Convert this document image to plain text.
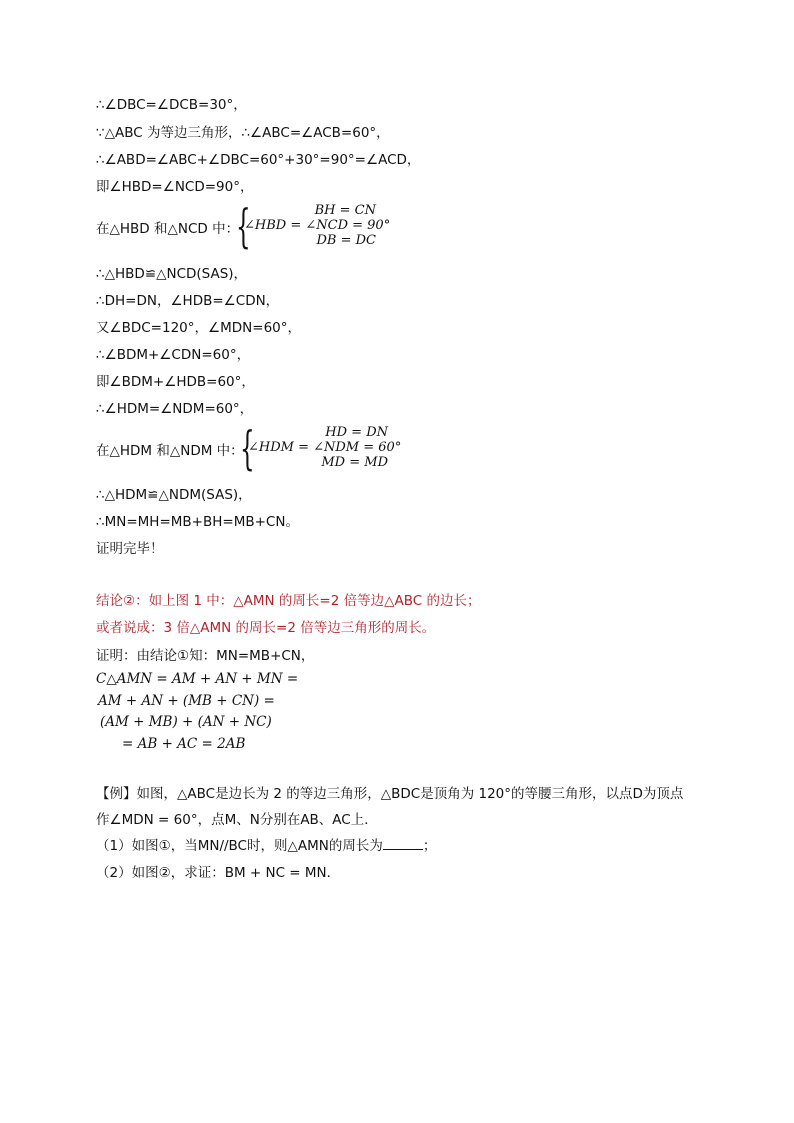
∴∠DBC=∠DCB=30°，
∵△ABC 为等边三角形，∴∠ABC=∠ACB=60°，
∴∠ABD=∠ABC+∠DBC=60°+30°=90°=∠ACD，
即∠HBD=∠NCD=90°，
在△HBD 和△NCD 中：
{	BH = CN
∠HBD = ∠NCD = 90°
DB = DC
∴△HBD≌△NCD(SAS)，
∴DH=DN，∠HDB=∠CDN，
又∠BDC=120°，∠MDN=60°，
∴∠BDM+∠CDN=60°，
即∠BDM+∠HDB=60°，
∴∠HDM=∠NDM=60°，
在△HDM 和△NDM 中：
{	HD = DN
∠HDM = ∠NDM = 60°
MD = MD
∴△HDM≌△NDM(SAS)，
∴MN=MH=MB+BH=MB+CN。
证明完毕！
结论②：如上图 1 中：△AMN 的周长=2 倍等边△ABC 的边长；
或者说成：3 倍△AMN 的周长=2 倍等边三角形的周长。
证明：由结论①知：MN=MB+CN，
C△AMN = AM + AN + MN =
AM + AN + (MB + CN) =
(AM + MB) + (AN + NC)
= AB + AC = 2AB
【例】如图，△ABC是边长为 2 的等边三角形，△BDC是顶角为 120°的等腰三角形，以点D为顶点
作∠MDN = 60°，点M、N分别在AB、AC上．
（1）如图①，当MN//BC时，则△AMN的周长为	；
（2）如图②，求证：BM + NC = MN．
